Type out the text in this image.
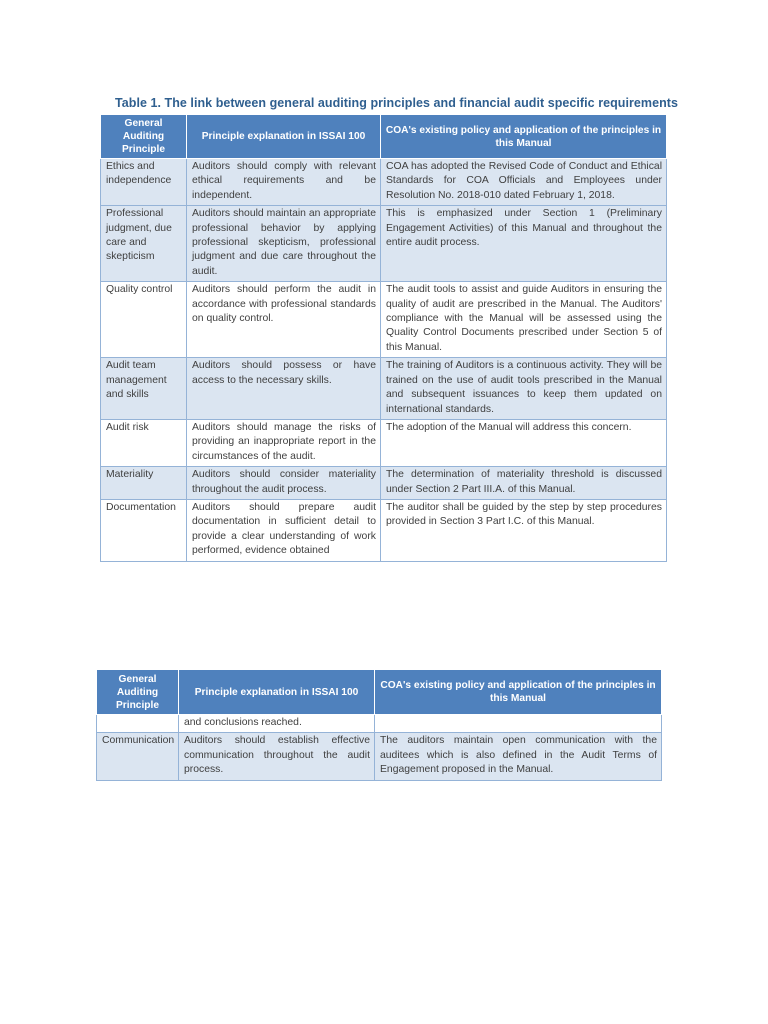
Table 1. The link between general auditing principles and financial audit specific requirements
General Auditing Principle	Principle explanation in ISSAI 100	COA's existing policy and application of the principles in this Manual
Ethics and independence	Auditors should comply with relevant ethical requirements and be independent.	COA has adopted the Revised Code of Conduct and Ethical Standards for COA Officials and Employees under Resolution No. 2018-010 dated February 1, 2018.
Professional judgment, due care and skepticism	Auditors should maintain an appropriate professional behavior by applying professional skepticism, professional judgment and due care throughout the audit.	This is emphasized under Section 1 (Preliminary Engagement Activities) of this Manual and throughout the entire audit process.
Quality control	Auditors should perform the audit in accordance with professional standards on quality control.	The audit tools to assist and guide Auditors in ensuring the quality of audit are prescribed in the Manual. The Auditors' compliance with the Manual will be assessed using the Quality Control Documents prescribed under Section 5 of this Manual.
Audit team management and skills	Auditors should possess or have access to the necessary skills.	The training of Auditors is a continuous activity. They will be trained on the use of audit tools prescribed in the Manual and subsequent issuances to keep them updated on international standards.
Audit risk	Auditors should manage the risks of providing an inappropriate report in the circumstances of the audit.	The adoption of the Manual will address this concern.
Materiality	Auditors should consider materiality throughout the audit process.	The determination of materiality threshold is discussed under Section 2 Part III.A. of this Manual.
Documentation	Auditors should prepare audit documentation in sufficient detail to provide a clear understanding of work performed, evidence obtained	The auditor shall be guided by the step by step procedures provided in Section 3 Part I.C. of this Manual.
General Auditing Principle	Principle explanation in ISSAI 100	COA's existing policy and application of the principles in this Manual
	and conclusions reached.	
Communication	Auditors should establish effective communication throughout the audit process.	The auditors maintain open communication with the auditees which is also defined in the Audit Terms of Engagement proposed in the Manual.
